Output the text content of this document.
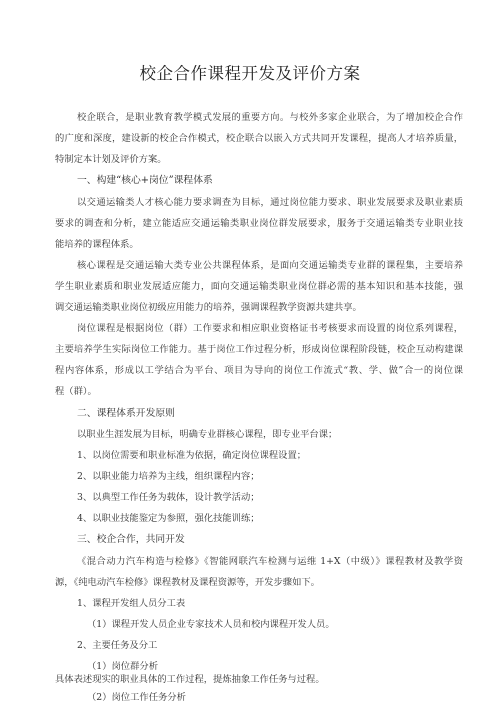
校企合作课程开发及评价方案
校企联合，是职业教育教学模式发展的重要方向。与校外多家企业联合，为了增加校企合作
的广度和深度，建设新的校企合作模式，校企联合以嵌入方式共同开发课程，提高人才培养质量，
特制定本计划及评价方案。
一、构建“核心+岗位”课程体系
以交通运输类人才核心能力要求调查为目标，通过岗位能力要求、职业发展要求及职业素质
要求的调查和分析，建立能适应交通运输类职业岗位群发展要求，服务于交通运输类专业职业技
能培养的课程体系。
核心课程是交通运输大类专业公共课程体系，是面向交通运输类专业群的课程集，主要培养
学生职业素质和职业发展适应能力，面向交通运输类职业岗位群必需的基本知识和基本技能，强
调交通运输类职业岗位初级应用能力的培养，强调课程教学资源共建共享。
岗位课程是根据岗位（群）工作要求和相应职业资格证书考核要求而设置的岗位系列课程，
主要培养学生实际岗位工作能力。基于岗位工作过程分析，形成岗位课程阶段链，校企互动构建课
程内容体系，形成以工学结合为平台、项目为导向的岗位工作流式“教、学、做”合一的岗位课
程（群）。
二、课程体系开发原则
以职业生涯发展为目标，明确专业群核心课程，即专业平台课；
1、以岗位需要和职业标准为依据，确定岗位课程设置；
2、以职业能力培养为主线，组织课程内容；
3、以典型工作任务为载体，设计教学活动；
4、以职业技能鉴定为参照，强化技能训练；
三、校企合作，共同开发
《混合动力汽车构造与检修》《智能网联汽车检测与运维 1+X（中级）》课程教材及教学资
源，《纯电动汽车检修》课程教材及课程资源等，开发步骤如下。
1、课程开发组人员分工表
（1）课程开发人员企业专家技术人员和校内课程开发人员。
2、主要任务及分工
（1）岗位群分析
具体表述现实的职业具体的工作过程，提炼抽象工作任务与过程。
（2）岗位工作任务分析
